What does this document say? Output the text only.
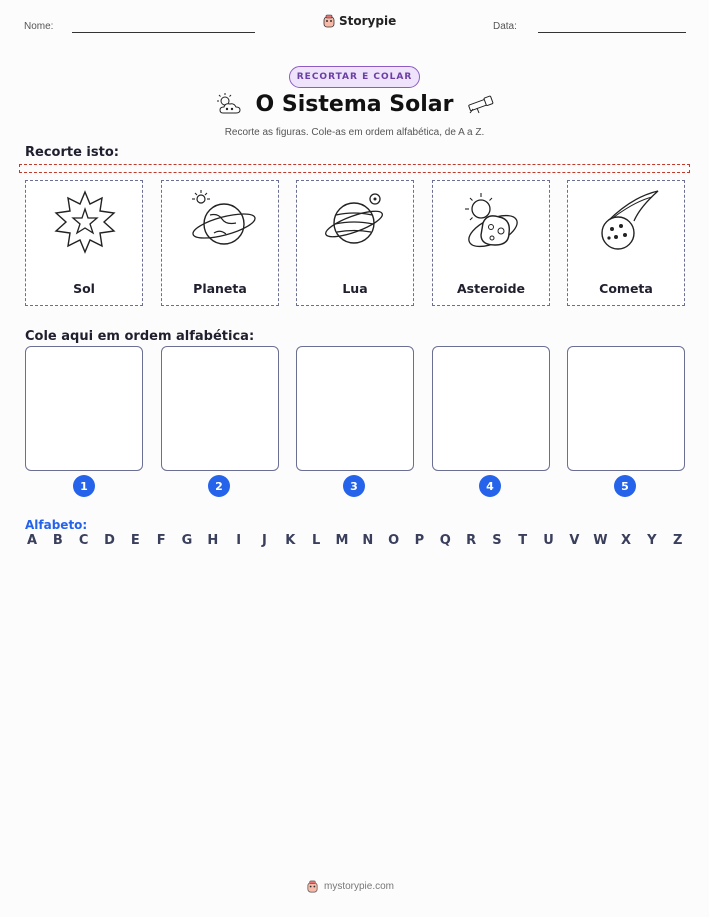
Nome:	Storypie	Data:
RECORTAR E COLAR
O Sistema Solar
Recorte as figuras. Cole-as em ordem alfabética, de A a Z.
Recorte isto:
Sol	Planeta	Lua	Asteroide	Cometa
Cole aqui em ordem alfabética:
1	2	3	4	5
Alfabeto:
A B C D E F G H	I	J	K L M N O P Q R S T U V W X Y Z
mystorypie.com
